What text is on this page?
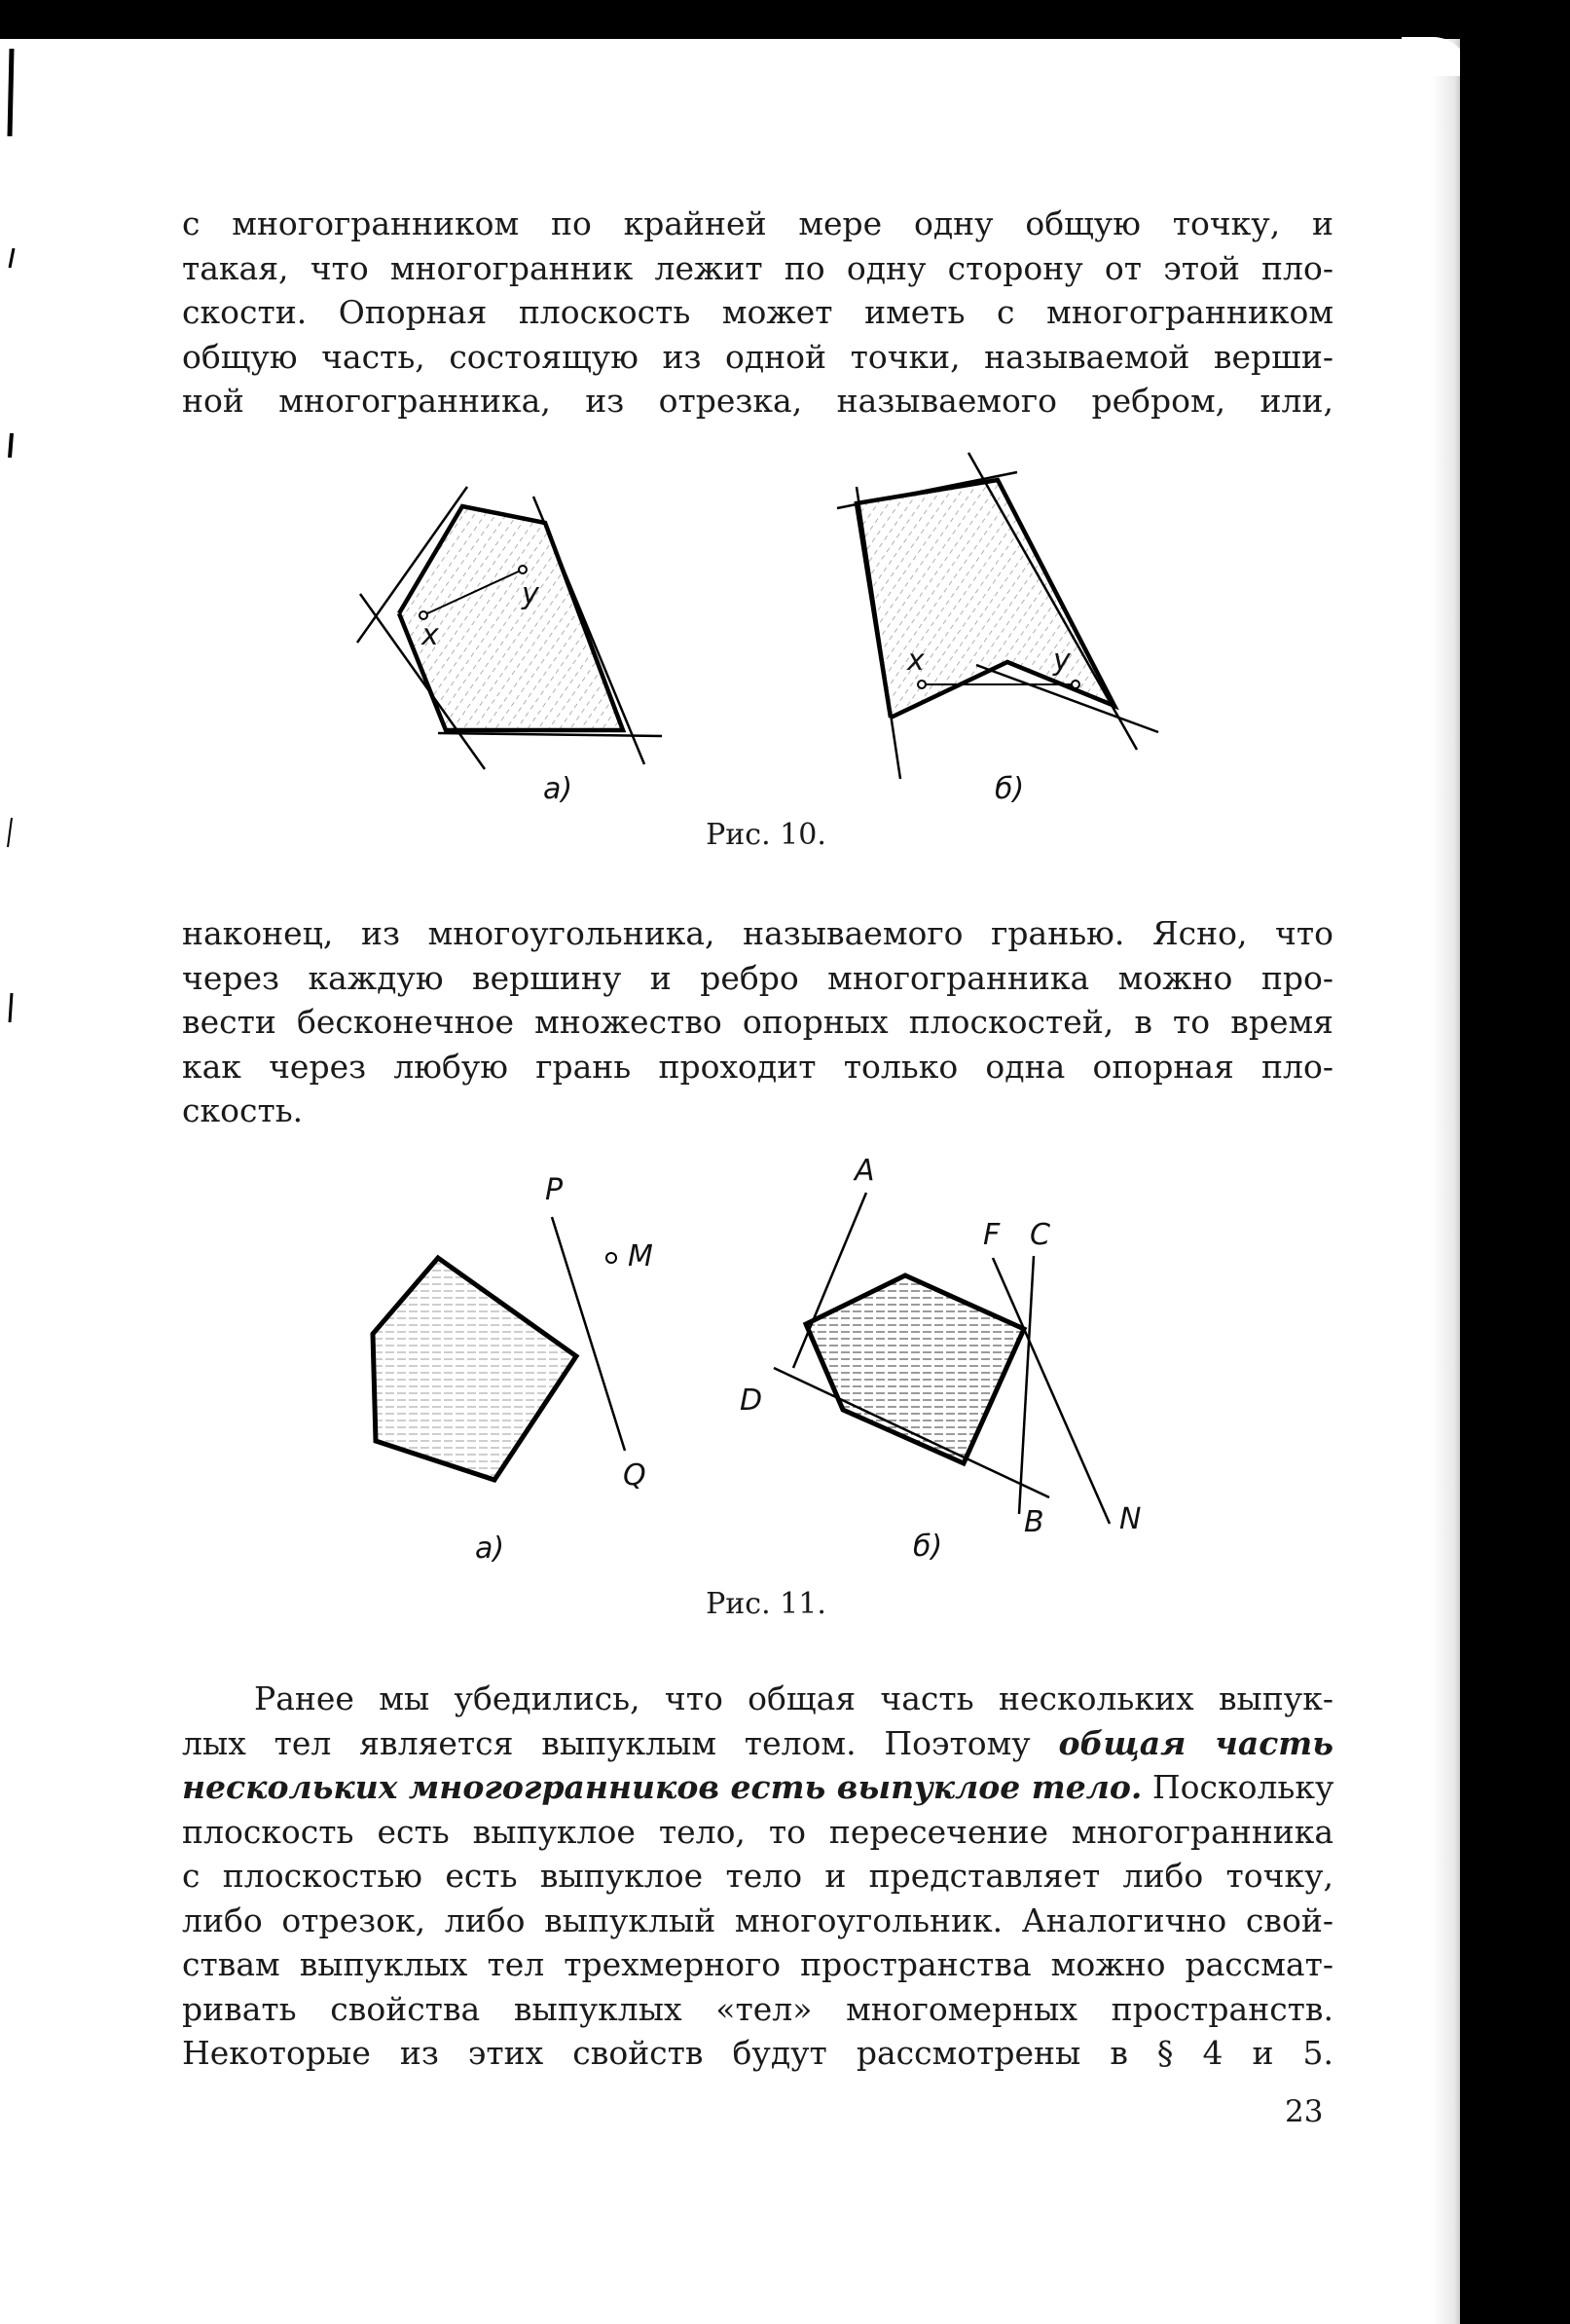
с многогранником по крайней мере одну общую точку, и
такая, что многогранник лежит по одну сторону от этой пло-
скости. Опорная плоскость может иметь с многогранником
общую часть, состоящую из одной точки, называемой верши-
ной многогранника, из отрезка, называемого ребром, или,
x
y
а)
x	y
б)
Рис. 10.
наконец, из многоугольника, называемого гранью. Ясно, что
через каждую вершину и ребро многогранника можно про-
вести бесконечное множество опорных плоскостей, в то время
как через любую грань проходит только одна опорная пло-
скость.
P
M
Q
а)
A
F C
D
B	N
б)
Рис. 11.
Ранее мы убедились, что общая часть нескольких выпук-
лых тел является выпуклым телом. Поэтому общая часть
нескольких многогранников есть выпуклое тело. Поскольку
плоскость есть выпуклое тело, то пересечение многогранника
с плоскостью есть выпуклое тело и представляет либо точку,
либо отрезок, либо выпуклый многоугольник. Аналогично свой-
ствам выпуклых тел трехмерного пространства можно рассмат-
ривать свойства выпуклых «тел» многомерных пространств.
Некоторые из этих свойств будут рассмотрены в § 4 и 5.
23
